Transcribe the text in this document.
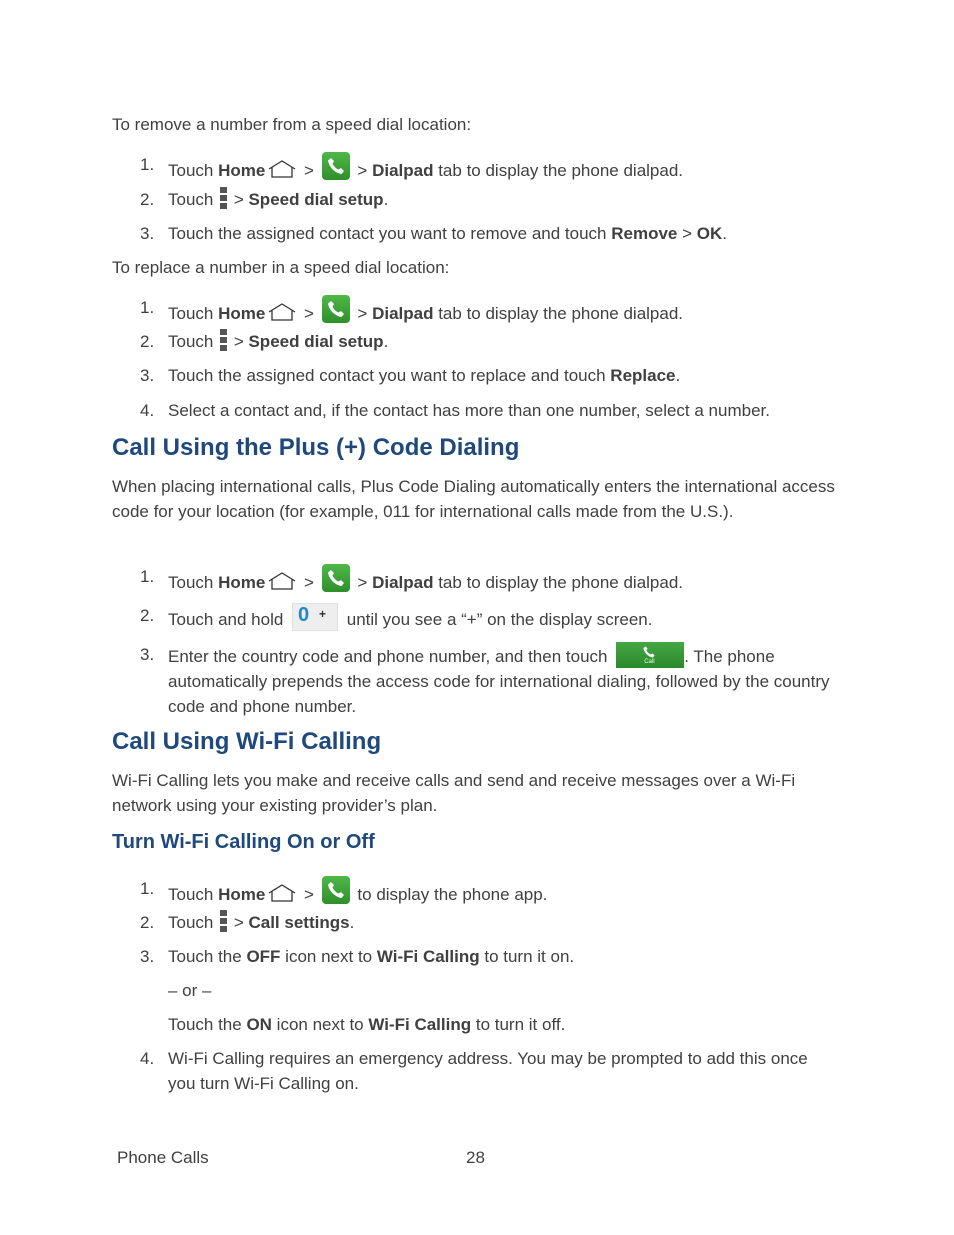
To remove a number from a speed dial location:

1. Touch Home >
> Dialpad tab to display the phone dialpad.
2. Touch
> Speed dial setup.
3. Touch the assigned contact you want to remove and touch Remove > OK.

To replace a number in a speed dial location:

1. Touch Home >
> Dialpad tab to display the phone dialpad.
2. Touch
> Speed dial setup.
3. Touch the assigned contact you want to replace and touch Replace.
4. Select a contact and, if the contact has more than one number, select a number.
Call Using the Plus (+) Code Dialing

When placing international calls, Plus Code Dialing automatically enters the international access code for your location (for example, 011 for international calls made from the U.S.).

1. Touch Home >
> Dialpad tab to display the phone dialpad.
2. Touch and hold 0 + until you see a “+” on the display screen.
3. Enter the country code and phone number, and then touch	Call . The phone automatically prepends the access code for international dialing, followed by the country code and phone number.
Call Using Wi-Fi Calling

Wi-Fi Calling lets you make and receive calls and send and receive messages over a Wi-Fi network using your existing provider’s plan.

Turn Wi-Fi Calling On or Off
1. Touch Home >
to display the phone app.
2. Touch
> Call settings.
3. Touch the OFF icon next to Wi-Fi Calling to turn it on.
– or –
Touch the ON icon next to Wi-Fi Calling to turn it off.
4. Wi-Fi Calling requires an emergency address. You may be prompted to add this once you turn Wi-Fi Calling on.
Phone Calls	28
